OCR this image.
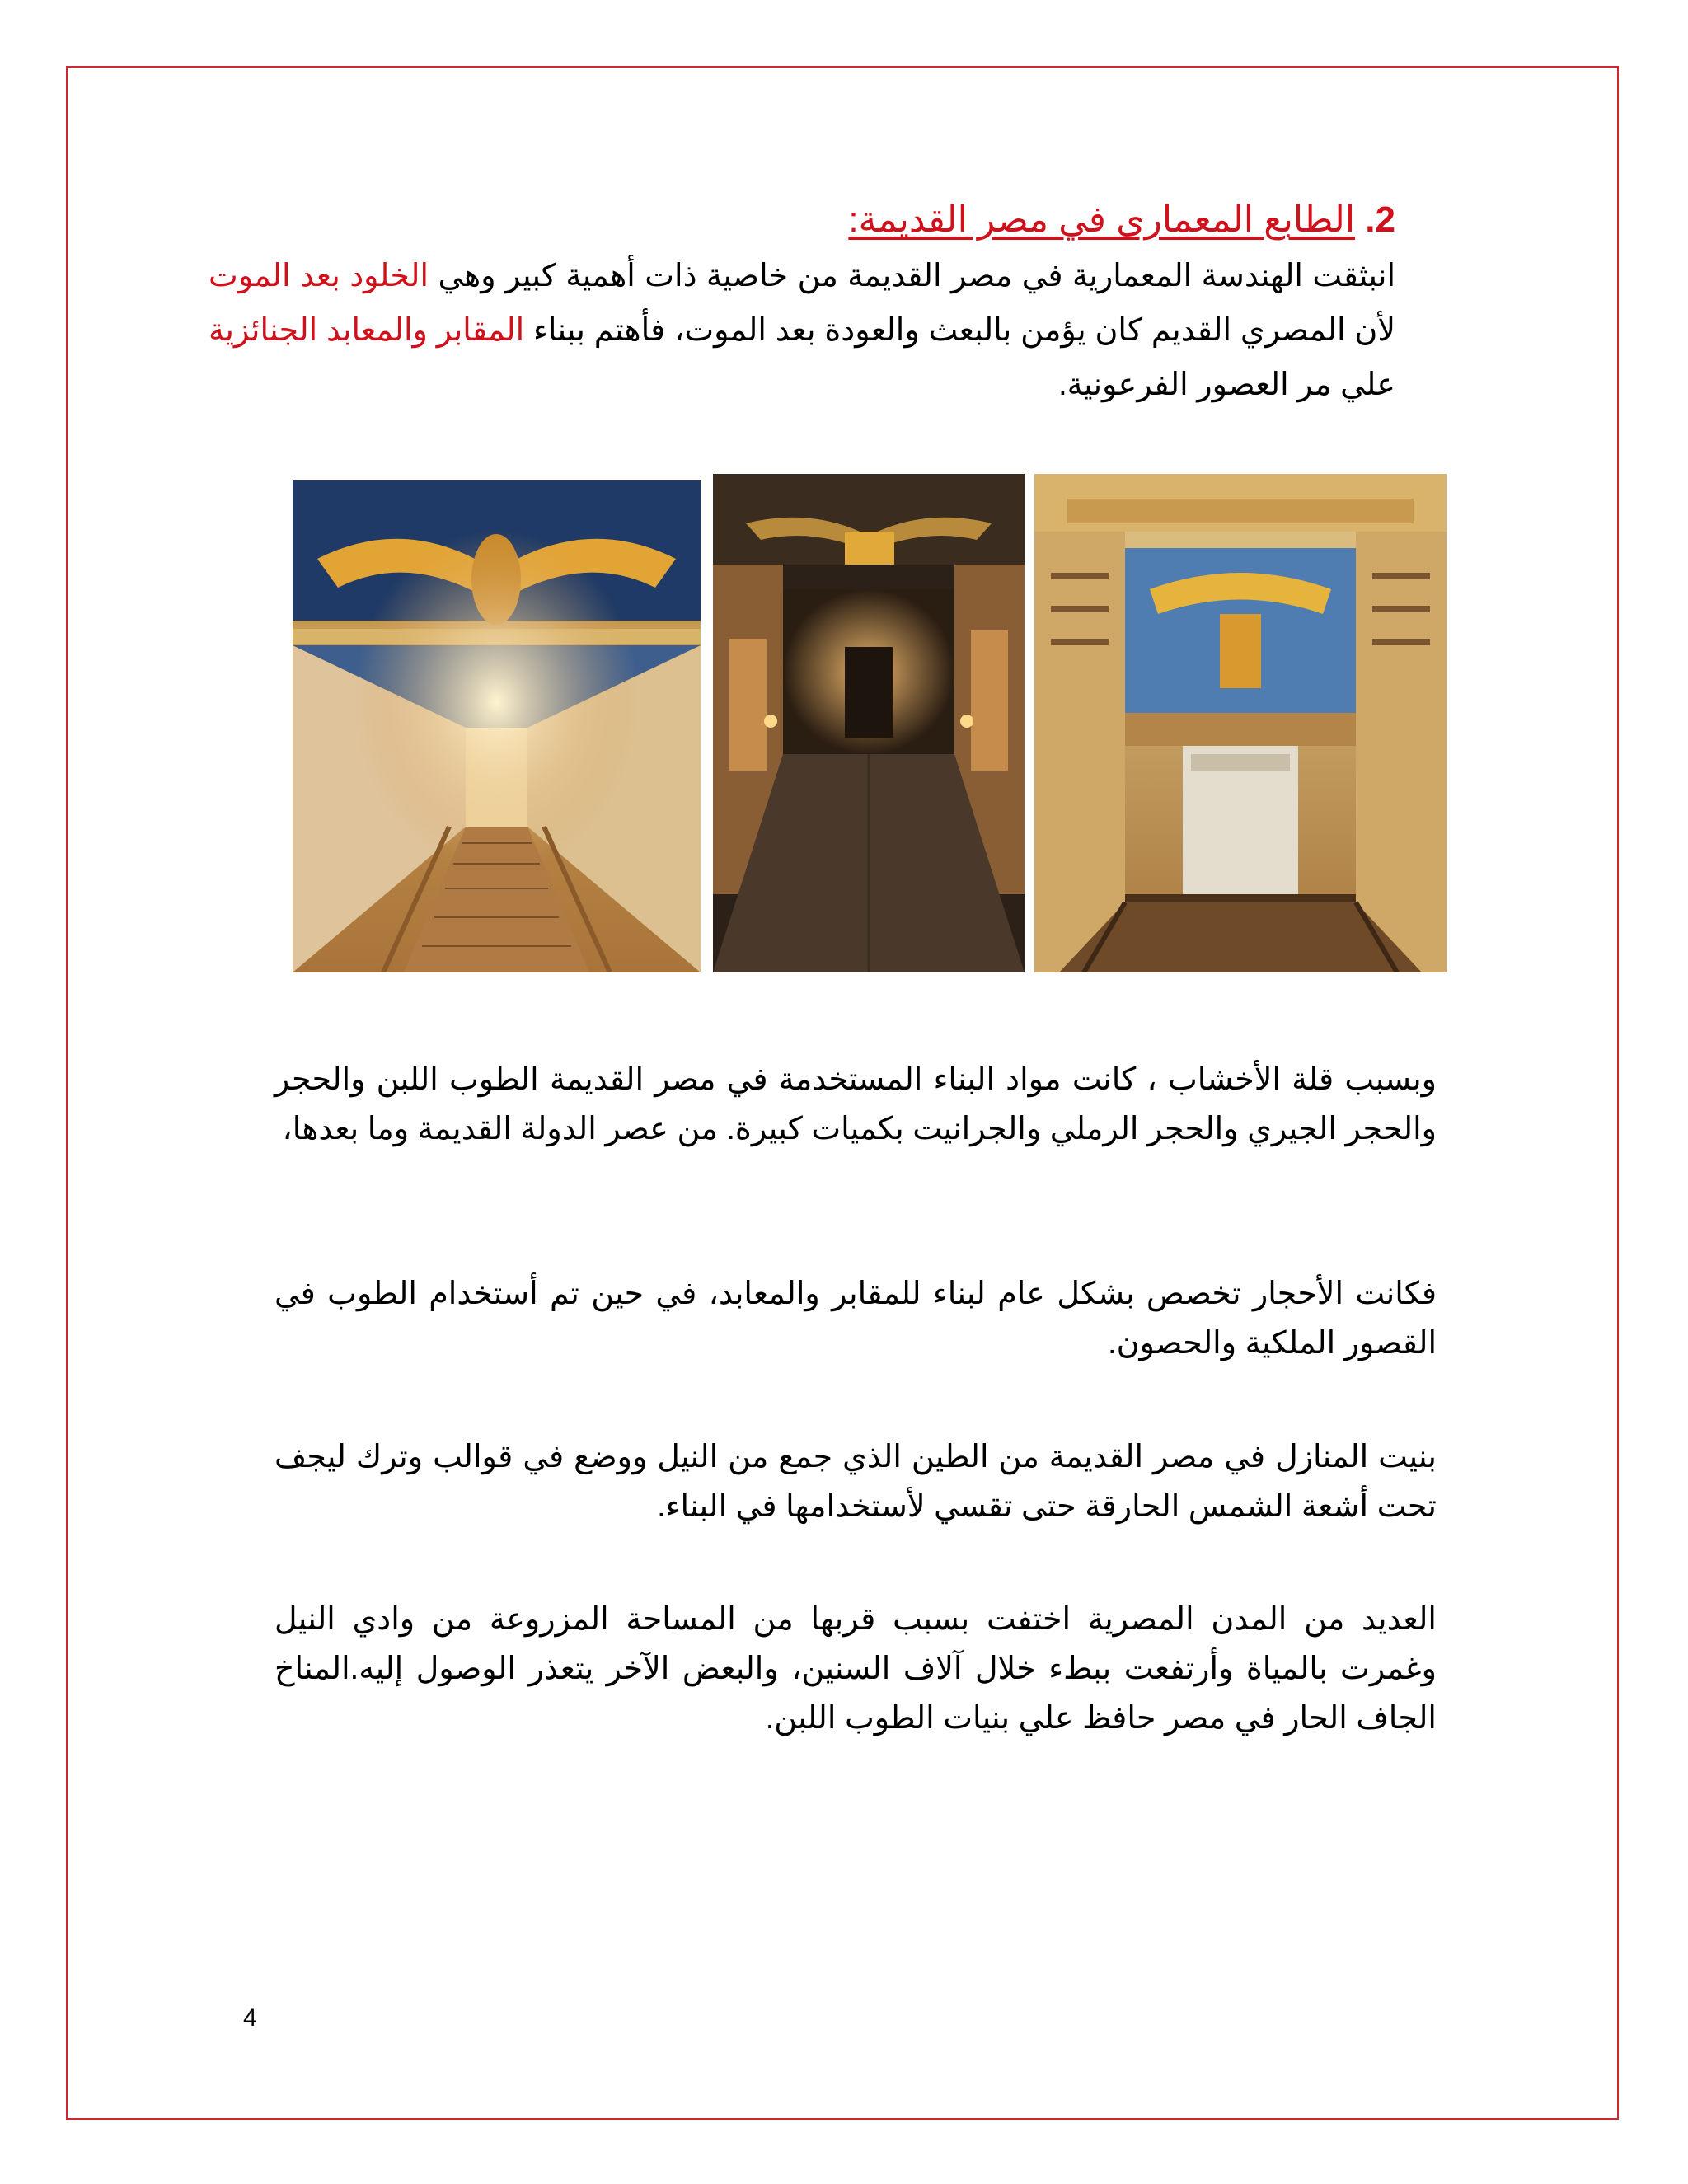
2. الطابع المعمارى في مصر القديمة:
انبثقت الهندسة المعمارية في مصر القديمة من خاصية ذات أهمية كبير وهي الخلود بعد الموت لأن المصري القديم كان يؤمن بالبعث والعودة بعد الموت، فأهتم ببناء المقابر والمعابد الجنائزية علي مر العصور الفرعونية.
وبسبب قلة الأخشاب ، كانت مواد البناء المستخدمة في مصر القديمة الطوب اللبن والحجر والحجر الجيري والحجر الرملي والجرانيت بكميات كبيرة. من عصر الدولة القديمة وما بعدها،
فكانت الأحجار تخصص بشكل عام لبناء للمقابر والمعابد، في حين تم أستخدام الطوب في القصور الملكية والحصون.
بنيت المنازل في مصر القديمة من الطين الذي جمع من النيل ووضع في قوالب وترك ليجف تحت أشعة الشمس الحارقة حتى تقسي لأستخدامها في البناء.
العديد من المدن المصرية اختفت بسبب قربها من المساحة المزروعة من وادي النيل وغمرت بالمياة وأرتفعت ببطء خلال آلاف السنين، والبعض الآخر يتعذر الوصول إليه.المناخ الجاف الحار في مصر حافظ علي بنيات الطوب اللبن.
4
